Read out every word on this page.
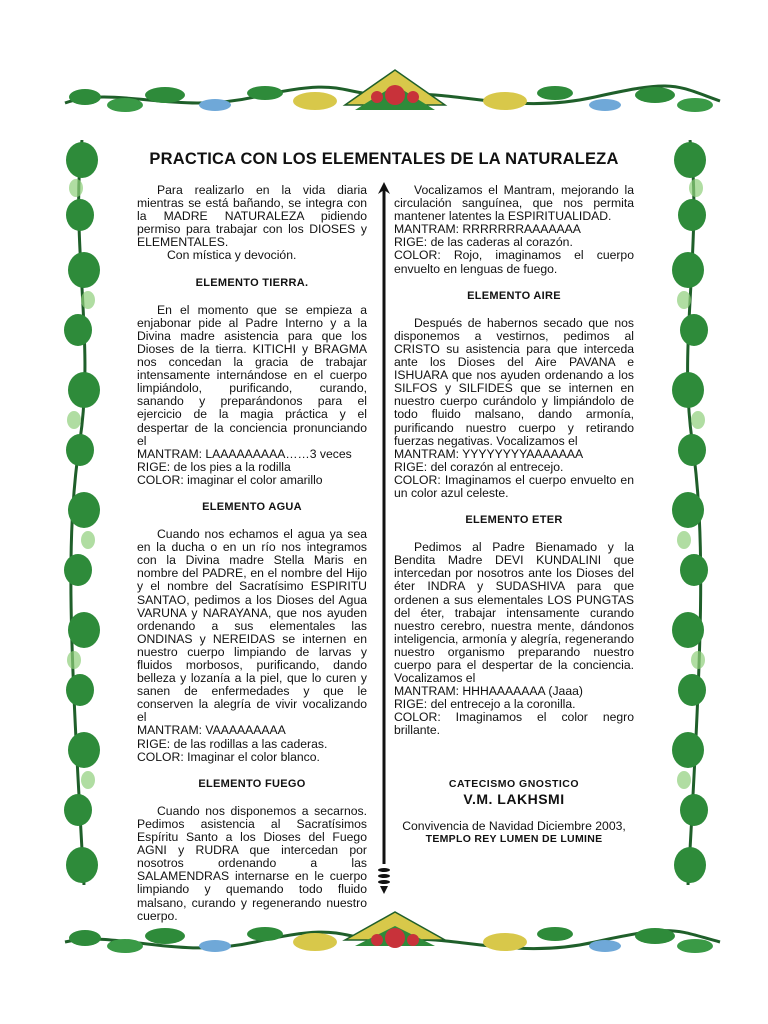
PRACTICA CON LOS ELEMENTALES DE LA NATURALEZA

Para realizarlo en la vida diaria mientras se está bañando, se integra con la MADRE NATURALEZA pidiendo permiso para trabajar con los DIOSES y ELEMENTALES.

Con mística y devoción.

ELEMENTO TIERRA.

En el momento que se empieza a enjabonar pide al Padre Interno y a la Divina madre asistencia para que los Dioses de la tierra. KITICHI y BRAGMA nos concedan la gracia de trabajar intensamente internándose en el cuerpo limpiándolo, purificando, curando, sanando y preparándonos para el ejercicio de la magia práctica y el despertar de la conciencia pronunciando el

MANTRAM: LAAAAAAAAA……3 veces

RIGE: de los pies a la rodilla

COLOR: imaginar el color amarillo

ELEMENTO AGUA

Cuando nos echamos el agua ya sea en la ducha o en un río nos integramos con la Divina madre Stella Maris en nombre del PADRE, en el nombre del Hijo y el nombre del Sacratísimo ESPIRITU SANTAO, pedimos a los Dioses del Agua VARUNA y NARAYANA, que nos ayuden ordenando a sus elementales las ONDINAS y NEREIDAS se internen en nuestro cuerpo limpiando de larvas y fluidos morbosos, purificando, dando belleza y lozanía a la piel, que lo curen y sanen de enfermedades y que le conserven la alegría de vivir vocalizando el

MANTRAM: VAAAAAAAAA

RIGE: de las rodillas a las caderas.

COLOR: Imaginar el color blanco.

ELEMENTO FUEGO

Cuando nos disponemos a secarnos. Pedimos asistencia al Sacratísimos Espíritu Santo a los Dioses del Fuego AGNI y RUDRA que intercedan por nosotros ordenando a las SALAMENDRAS internarse en le cuerpo limpiando y quemando todo fluido malsano, curando y regenerando nuestro cuerpo.

Vocalizamos el Mantram, mejorando la circulación sanguínea, que nos permita mantener latentes la ESPIRITUALIDAD.

MANTRAM: RRRRRRRAAAAAAA

RIGE: de las caderas al corazón.

COLOR: Rojo, imaginamos el cuerpo envuelto en lenguas de fuego.

ELEMENTO AIRE

Después de habernos secado que nos disponemos a vestirnos, pedimos al CRISTO su asistencia para que interceda ante los Dioses del Aire PAVANA e ISHUARA que nos ayuden ordenando a los SILFOS y SILFIDES que se internen en nuestro cuerpo curándolo y limpiándolo de todo fluido malsano, dando armonía, purificando nuestro cuerpo y retirando fuerzas negativas. Vocalizamos el

MANTRAM: YYYYYYYYAAAAAAA

RIGE: del corazón al entrecejo.

COLOR: Imaginamos el cuerpo envuelto en un color azul celeste.

ELEMENTO ETER

Pedimos al Padre Bienamado y la Bendita Madre DEVI KUNDALINI que intercedan por nosotros ante los Dioses del éter INDRA y SUDASHIVA para que ordenen a sus elementales LOS PUNGTAS del éter, trabajar intensamente curando nuestro cerebro, nuestra mente, dándonos inteligencia, armonía y alegría, regenerando nuestro organismo preparando nuestro cuerpo para el despertar de la conciencia. Vocalizamos el

MANTRAM: HHHAAAAAAA (Jaaa)

RIGE: del entrecejo a la coronilla.

COLOR: Imaginamos el color negro brillante.

CATECISMO GNOSTICO

V.M. LAKHSMI

Convivencia de Navidad Diciembre 2003,

TEMPLO REY LUMEN DE LUMINE
